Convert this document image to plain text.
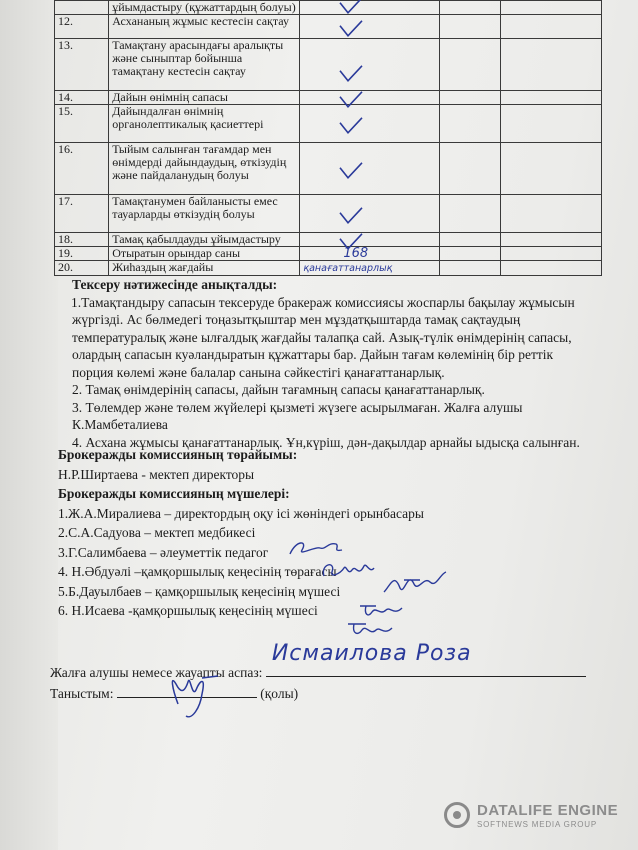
	ұйымдастыру (құжаттардың болуы)	

12.	Асхананың жұмыс кестесін сақтау	

13.	Тамақтану арасындағы аралықты және сыныптар бойынша тамақтану кестесін сақтау	

14.	Дайын өнімнің сапасы	

15.	Дайындалған өнімнің органолептикалық қасиеттері	

16.	Тыйым салынған тағамдар мен өнімдерді дайындаудың, өткізудің және пайдаланудың болуы	

17.	Тамақтанумен байланысты емес тауарларды өткізудің болуы	

18.	Тамақ қабылдауды ұйымдастыру	

19.	Отыратын орындар саны	168		
20.	Жиһаздың жағдайы	қанағаттанарлық		

Тексеру нәтижесінде анықталды:

1.Тамақтандыру сапасын тексеруде бракераж комиссиясы жоспарлы бақылау жұмысын

жүргізді. Ас бөлмедегі тоңазытқыштар мен мұздатқыштарда тамақ сақтаудың

температуралық және ылғалдық жағдайы талапқа сай. Азық-түлік өнімдерінің сапасы,

олардың сапасын куәландыратын құжаттары бар. Дайын тағам көлемінің бір реттік

порция көлемі және балалар санына сәйкестігі қанағаттанарлық.

2. Тамақ өнімдерінің сапасы, дайын тағамның сапасы қанағаттанарлық.

3. Төлемдер және төлем жүйелері қызметі жүзеге асырылмаған. Жалға алушы

К.Мамбеталиева

4. Асхана жұмысы қанағаттанарлық. Ұн,күріш, дән-дақылдар арнайы ыдысқа салынған.

Брокеражды комиссияның төрайымы:

Н.Р.Ширтаева - мектеп директоры

Брокеражды комиссияның мүшелері:

1.Ж.А.Миралиева – директордың оқу ісі жөніндегі орынбасары

2.С.А.Садуова – мектеп медбикесі

3.Г.Салимбаева – әлеуметтік педагог

4. Н.Әбдуәлі –қамқоршылық кеңесінің төрағасы

5.Б.Дауылбаев – қамқоршылық кеңесінің мүшесі

6. Н.Исаева -қамқоршылық кеңесінің мүшесі

Жалға алушы немесе жауапты аспаз:
Исмаилова Роза

Таныстым:	(қолы)

DATALIFE ENGINE
SOFTNEWS MEDIA GROUP
